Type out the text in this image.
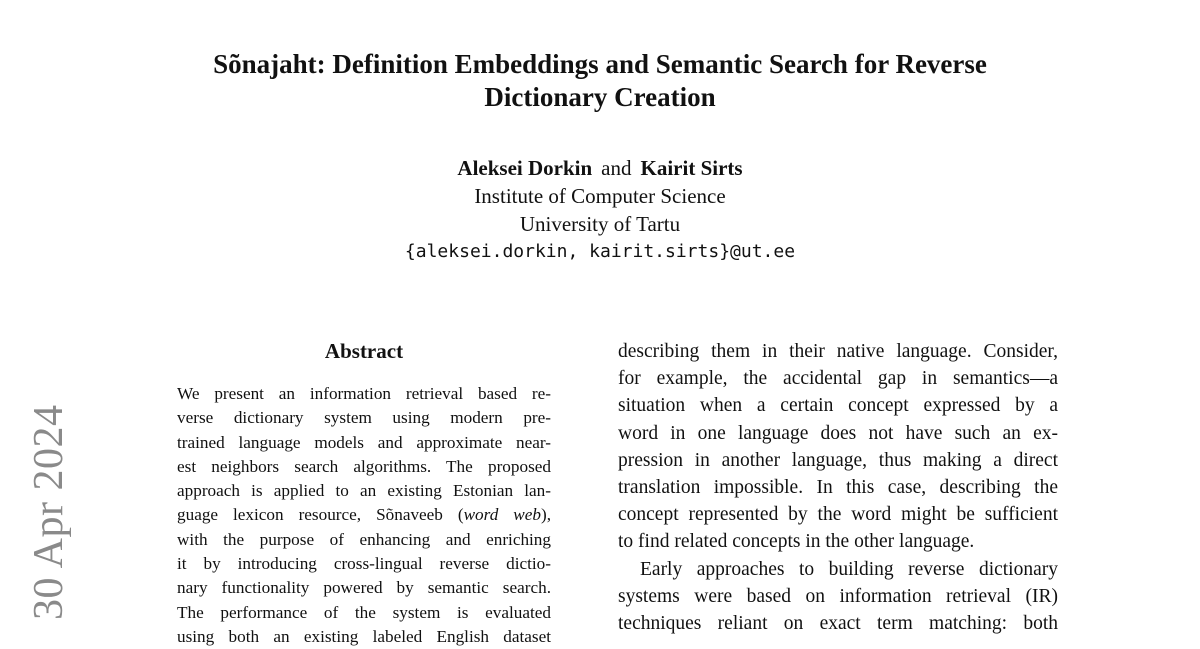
Sõnajaht: Definition Embeddings and Semantic Search for Reverse
Dictionary Creation
Aleksei Dorkin and Kairit Sirts
Institute of Computer Science
University of Tartu
{aleksei.dorkin, kairit.sirts}@ut.ee
Abstract
We present an information retrieval based re-
verse dictionary system using modern pre-
trained language models and approximate near-
est neighbors search algorithms. The proposed
approach is applied to an existing Estonian lan-
guage lexicon resource, Sõnaveeb (word web),
with the purpose of enhancing and enriching
it by introducing cross-lingual reverse dictio-
nary functionality powered by semantic search.
The performance of the system is evaluated
using both an existing labeled English dataset
describing them in their native language. Consider,
for example, the accidental gap in semantics—a
situation when a certain concept expressed by a
word in one language does not have such an ex-
pression in another language, thus making a direct
translation impossible. In this case, describing the
concept represented by the word might be sufficient
to find related concepts in the other language.
Early approaches to building reverse dictionary
systems were based on information retrieval (IR)
techniques reliant on exact term matching: both
30 Apr 2024
